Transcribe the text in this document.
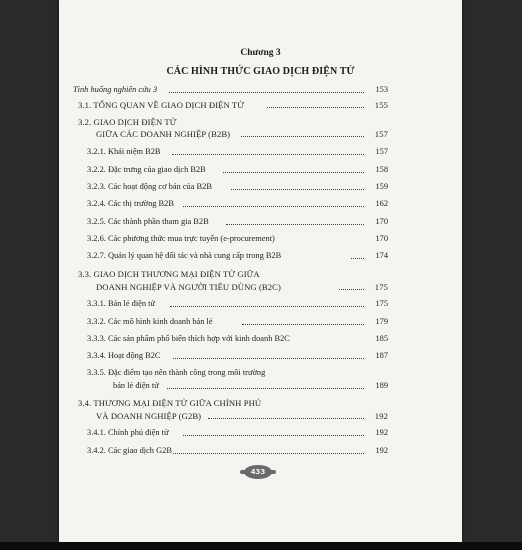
Chương 3
CÁC HÌNH THỨC GIAO DỊCH ĐIỆN TỬ
Tình huống nghiên cứu 3	153
3.1. TỔNG QUAN VỀ GIAO DỊCH ĐIỆN TỬ	155
3.2. GIAO DỊCH ĐIỆN TỬ
GIỮA CÁC DOANH NGHIỆP (B2B)	157
3.2.1. Khái niệm B2B	157
3.2.2. Đặc trưng của giao dịch B2B	158
3.2.3. Các hoạt động cơ bản của B2B	159
3.2.4. Các thị trường B2B	162
3.2.5. Các thành phần tham gia B2B	170
3.2.6. Các phương thức mua trực tuyến (e-procurement)	170
3.2.7. Quản lý quan hệ đối tác và nhà cung cấp trong B2B	174
3.3. GIAO DỊCH THƯƠNG MẠI ĐIỆN TỬ GIỮA
DOANH NGHIỆP VÀ NGƯỜI TIÊU DÙNG (B2C)	175
3.3.1. Bán lẻ điện tử	175
3.3.2. Các mô hình kinh doanh bán lẻ	179
3.3.3. Các sản phẩm phổ biến thích hợp với kinh doanh B2C	185
3.3.4. Hoạt động B2C	187
3.3.5. Đặc điểm tạo nên thành công trong môi trường
bán lẻ điện tử	189
3.4. THƯƠNG MẠI ĐIỆN TỬ GIỮA CHÍNH PHỦ
VÀ DOANH NGHIỆP (G2B)	192
3.4.1. Chính phủ điện tử	192
3.4.2. Các giao dịch G2B	192
433
